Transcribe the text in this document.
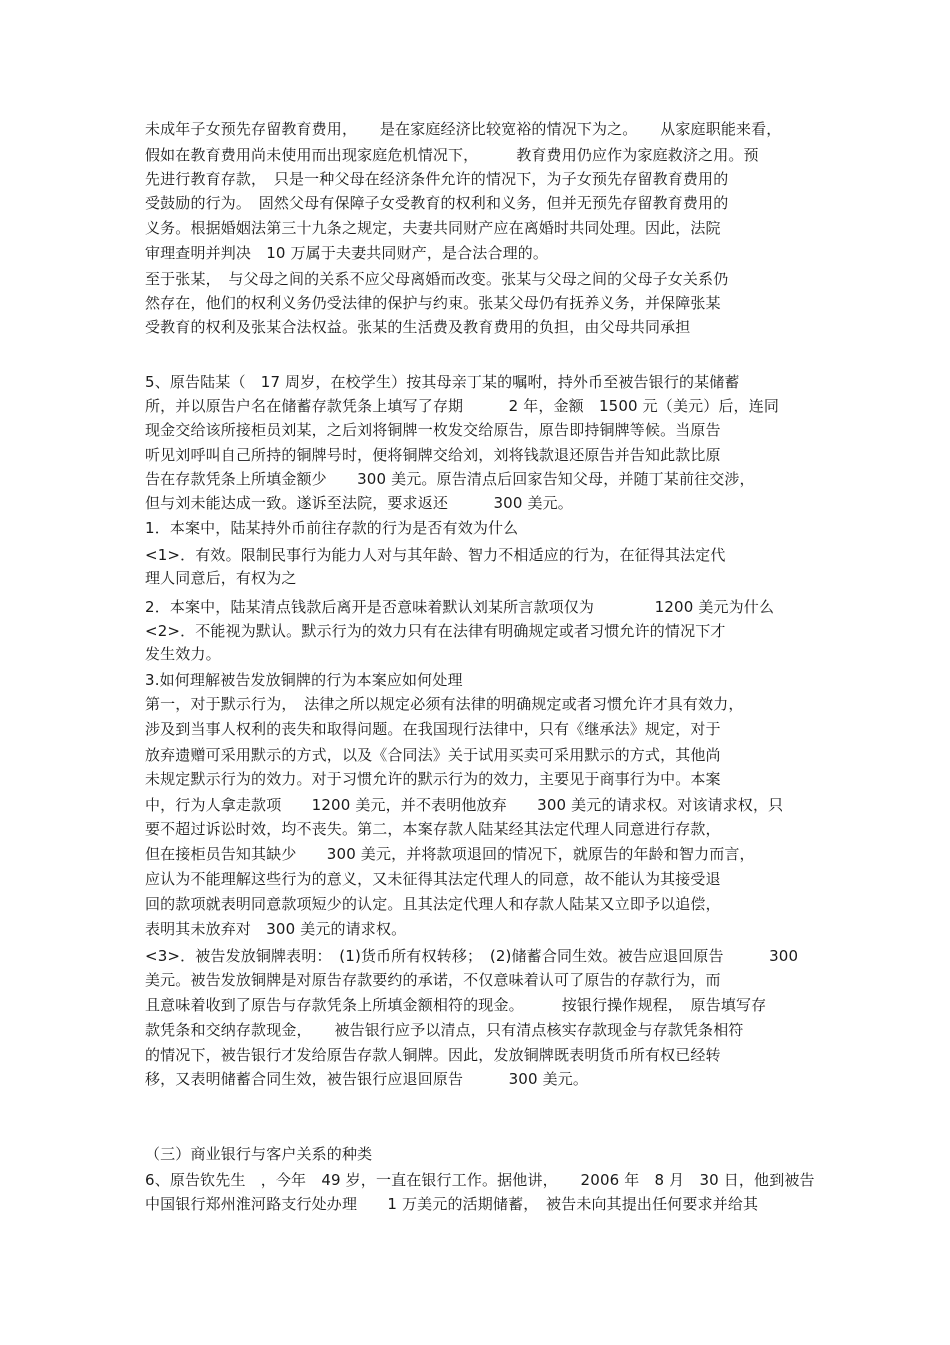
未成年子女预先存留教育费用，　　是在家庭经济比较宽裕的情况下为之。　　从家庭职能来看，

假如在教育费用尚未使用而出现家庭危机情况下，　　　教育费用仍应作为家庭救济之用。预

先进行教育存款，　只是一种父母在经济条件允许的情况下，为子女预先存留教育费用的

受鼓励的行为。　固然父母有保障子女受教育的权利和义务，但并无预先存留教育费用的

义务。根据婚姻法第三十九条之规定，夫妻共同财产应在离婚时共同处理。因此，法院

审理查明并判决　10 万属于夫妻共同财产，是合法合理的。

至于张某，　与父母之间的关系不应父母离婚而改变。张某与父母之间的父母子女关系仍

然存在，他们的权利义务仍受法律的保护与约束。张某父母仍有抚养义务，并保障张某

受教育的权利及张某合法权益。张某的生活费及教育费用的负担，由父母共同承担

5、原告陆某（　17 周岁，在校学生）按其母亲丁某的嘱咐，持外币至被告银行的某储蓄

所，并以原告户名在储蓄存款凭条上填写了存期　　　2 年，金额　1500 元（美元）后，连同

现金交给该所接柜员刘某，之后刘将铜牌一枚发交给原告，原告即持铜牌等候。当原告

听见刘呼叫自己所持的铜牌号时，便将铜牌交给刘，刘将钱款退还原告并告知此款比原

告在存款凭条上所填金额少　　300 美元。原告清点后回家告知父母，并随丁某前往交涉，

但与刘未能达成一致。遂诉至法院，要求返还　　　300 美元。

1．本案中，陆某持外币前往存款的行为是否有效为什么

<1>．有效。限制民事行为能力人对与其年龄、智力不相适应的行为，在征得其法定代

理人同意后，有权为之

2．本案中，陆某清点钱款后离开是否意味着默认刘某所言款项仅为　　　　1200 美元为什么

<2>．不能视为默认。默示行为的效力只有在法律有明确规定或者习惯允许的情况下才

发生效力。

3.如何理解被告发放铜牌的行为本案应如何处理

第一，对于默示行为，　法律之所以规定必须有法律的明确规定或者习惯允许才具有效力，

涉及到当事人权利的丧失和取得问题。在我国现行法律中，只有《继承法》规定，对于

放弃遗赠可采用默示的方式，以及《合同法》关于试用买卖可采用默示的方式，其他尚

未规定默示行为的效力。对于习惯允许的默示行为的效力，主要见于商事行为中。本案

中，行为人拿走款项　　1200 美元，并不表明他放弃　　300 美元的请求权。对该请求权，只

要不超过诉讼时效，均不丧失。第二，本案存款人陆某经其法定代理人同意进行存款，

但在接柜员告知其缺少　　300 美元，并将款项退回的情况下，就原告的年龄和智力而言，

应认为不能理解这些行为的意义，又未征得其法定代理人的同意，故不能认为其接受退

回的款项就表明同意款项短少的认定。且其法定代理人和存款人陆某又立即予以追偿，

表明其未放弃对　300 美元的请求权。

<3>．被告发放铜牌表明：　(1)货币所有权转移；　(2)储蓄合同生效。被告应退回原告　　　300

美元。被告发放铜牌是对原告存款要约的承诺，不仅意味着认可了原告的存款行为，而

且意味着收到了原告与存款凭条上所填金额相符的现金。　　　按银行操作规程，　原告填写存

款凭条和交纳存款现金，　　被告银行应予以清点，只有清点核实存款现金与存款凭条相符

的情况下，被告银行才发给原告存款人铜牌。因此，发放铜牌既表明货币所有权已经转

移，又表明储蓄合同生效，被告银行应退回原告　　　300 美元。

（三）商业银行与客户关系的种类

6、原告钦先生　，今年　49 岁，一直在银行工作。据他讲，　　2006 年　8 月　30 日，他到被告

中国银行郑州淮河路支行处办理　　1 万美元的活期储蓄，　被告未向其提出任何要求并给其
